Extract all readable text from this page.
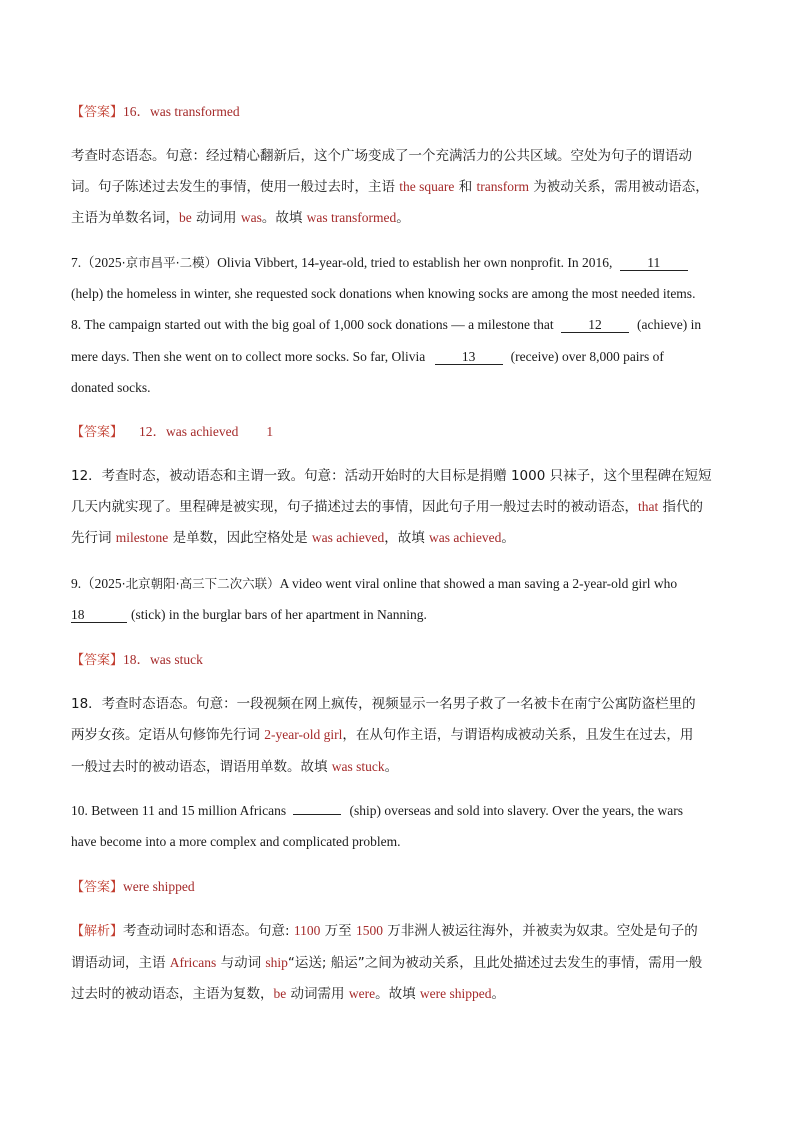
【答案】16．was transformed
考查时态语态。句意：经过精心翻新后，这个广场变成了一个充满活力的公共区域。空处为句子的谓语动
词。句子陈述过去发生的事情，使用一般过去时，主语 the square 和 transform 为被动关系，需用被动语态，
主语为单数名词，be 动词用 was。故填 was transformed。
7.（2025·京市昌平·二模）Olivia Vibbert, 14-year-old, tried to establish her own nonprofit. In 2016,	11
(help) the homeless in winter, she requested sock donations when knowing socks are among the most needed items.
8. The campaign started out with the big goal of 1,000 sock donations — a milestone that	12	(achieve) in
mere days. Then she went on to collect more socks. So far, Olivia	13	(receive) over 8,000 pairs of
donated socks.
【答案】 12．was achieved 1
12．考查时态，被动语态和主谓一致。句意：活动开始时的大目标是捐赠 1000 只袜子，这个里程碑在短短
几天内就实现了。里程碑是被实现，句子描述过去的事情，因此句子用一般过去时的被动语态，that 指代的
先行词 milestone 是单数，因此空格处是 was achieved，故填 was achieved。
9.（2025·北京朝阳·高三下二次六联）A video went viral online that showed a man saving a 2-year-old girl who
18	(stick) in the burglar bars of her apartment in Nanning.
【答案】18．was stuck
18．考查时态语态。句意：一段视频在网上疯传，视频显示一名男子救了一名被卡在南宁公寓防盗栏里的
两岁女孩。定语从句修饰先行词 2-year-old girl，在从句作主语，与谓语构成被动关系，且发生在过去，用
一般过去时的被动语态，谓语用单数。故填 was stuck。
10. Between 11 and 15 million Africans	(ship) overseas and sold into slavery. Over the years, the wars
have become into a more complex and complicated problem.
【答案】were shipped
【解析】考查动词时态和语态。句意: 1100 万至 1500 万非洲人被运往海外，并被卖为奴隶。空处是句子的
谓语动词，主语 Africans 与动词 ship“运送; 船运”之间为被动关系，且此处描述过去发生的事情，需用一般
过去时的被动语态，主语为复数，be 动词需用 were。故填 were shipped。
